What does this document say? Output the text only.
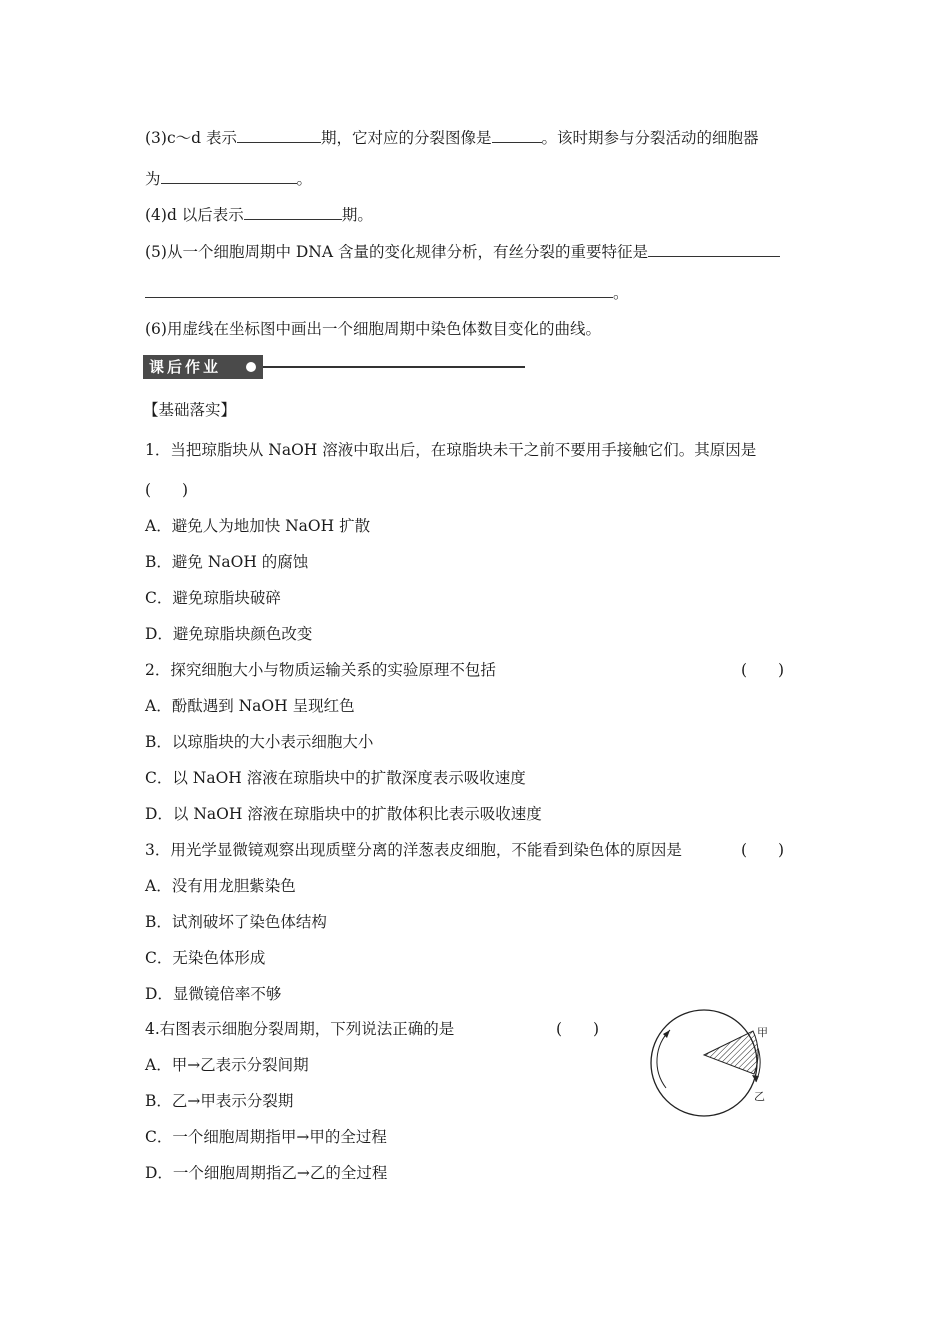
(3)c～d 表示	期，它对应的分裂图像是	。该时期参与分裂活动的细胞器
为	。
(4)d 以后表示	期。
(5)从一个细胞周期中 DNA 含量的变化规律分析，有丝分裂的重要特征是
。
(6)用虚线在坐标图中画出一个细胞周期中染色体数目变化的曲线。
课后作业
【基础落实】
1．当把琼脂块从 NaOH 溶液中取出后，在琼脂块未干之前不要用手接触它们。其原因是
(　　)
A．避免人为地加快 NaOH 扩散
B．避免 NaOH 的腐蚀
C．避免琼脂块破碎
D．避免琼脂块颜色改变
2．探究细胞大小与物质运输关系的实验原理不包括	(　　)
A．酚酞遇到 NaOH 呈现红色
B．以琼脂块的大小表示细胞大小
C．以 NaOH 溶液在琼脂块中的扩散深度表示吸收速度
D．以 NaOH 溶液在琼脂块中的扩散体积比表示吸收速度
3．用光学显微镜观察出现质壁分离的洋葱表皮细胞，不能看到染色体的原因是	(　　)
A．没有用龙胆紫染色
B．试剂破坏了染色体结构
C．无染色体形成
D．显微镜倍率不够
4.右图表示细胞分裂周期，下列说法正确的是	(　　)
A．甲→乙表示分裂间期
B．乙→甲表示分裂期
C．一个细胞周期指甲→甲的全过程
D．一个细胞周期指乙→乙的全过程
甲
乙
